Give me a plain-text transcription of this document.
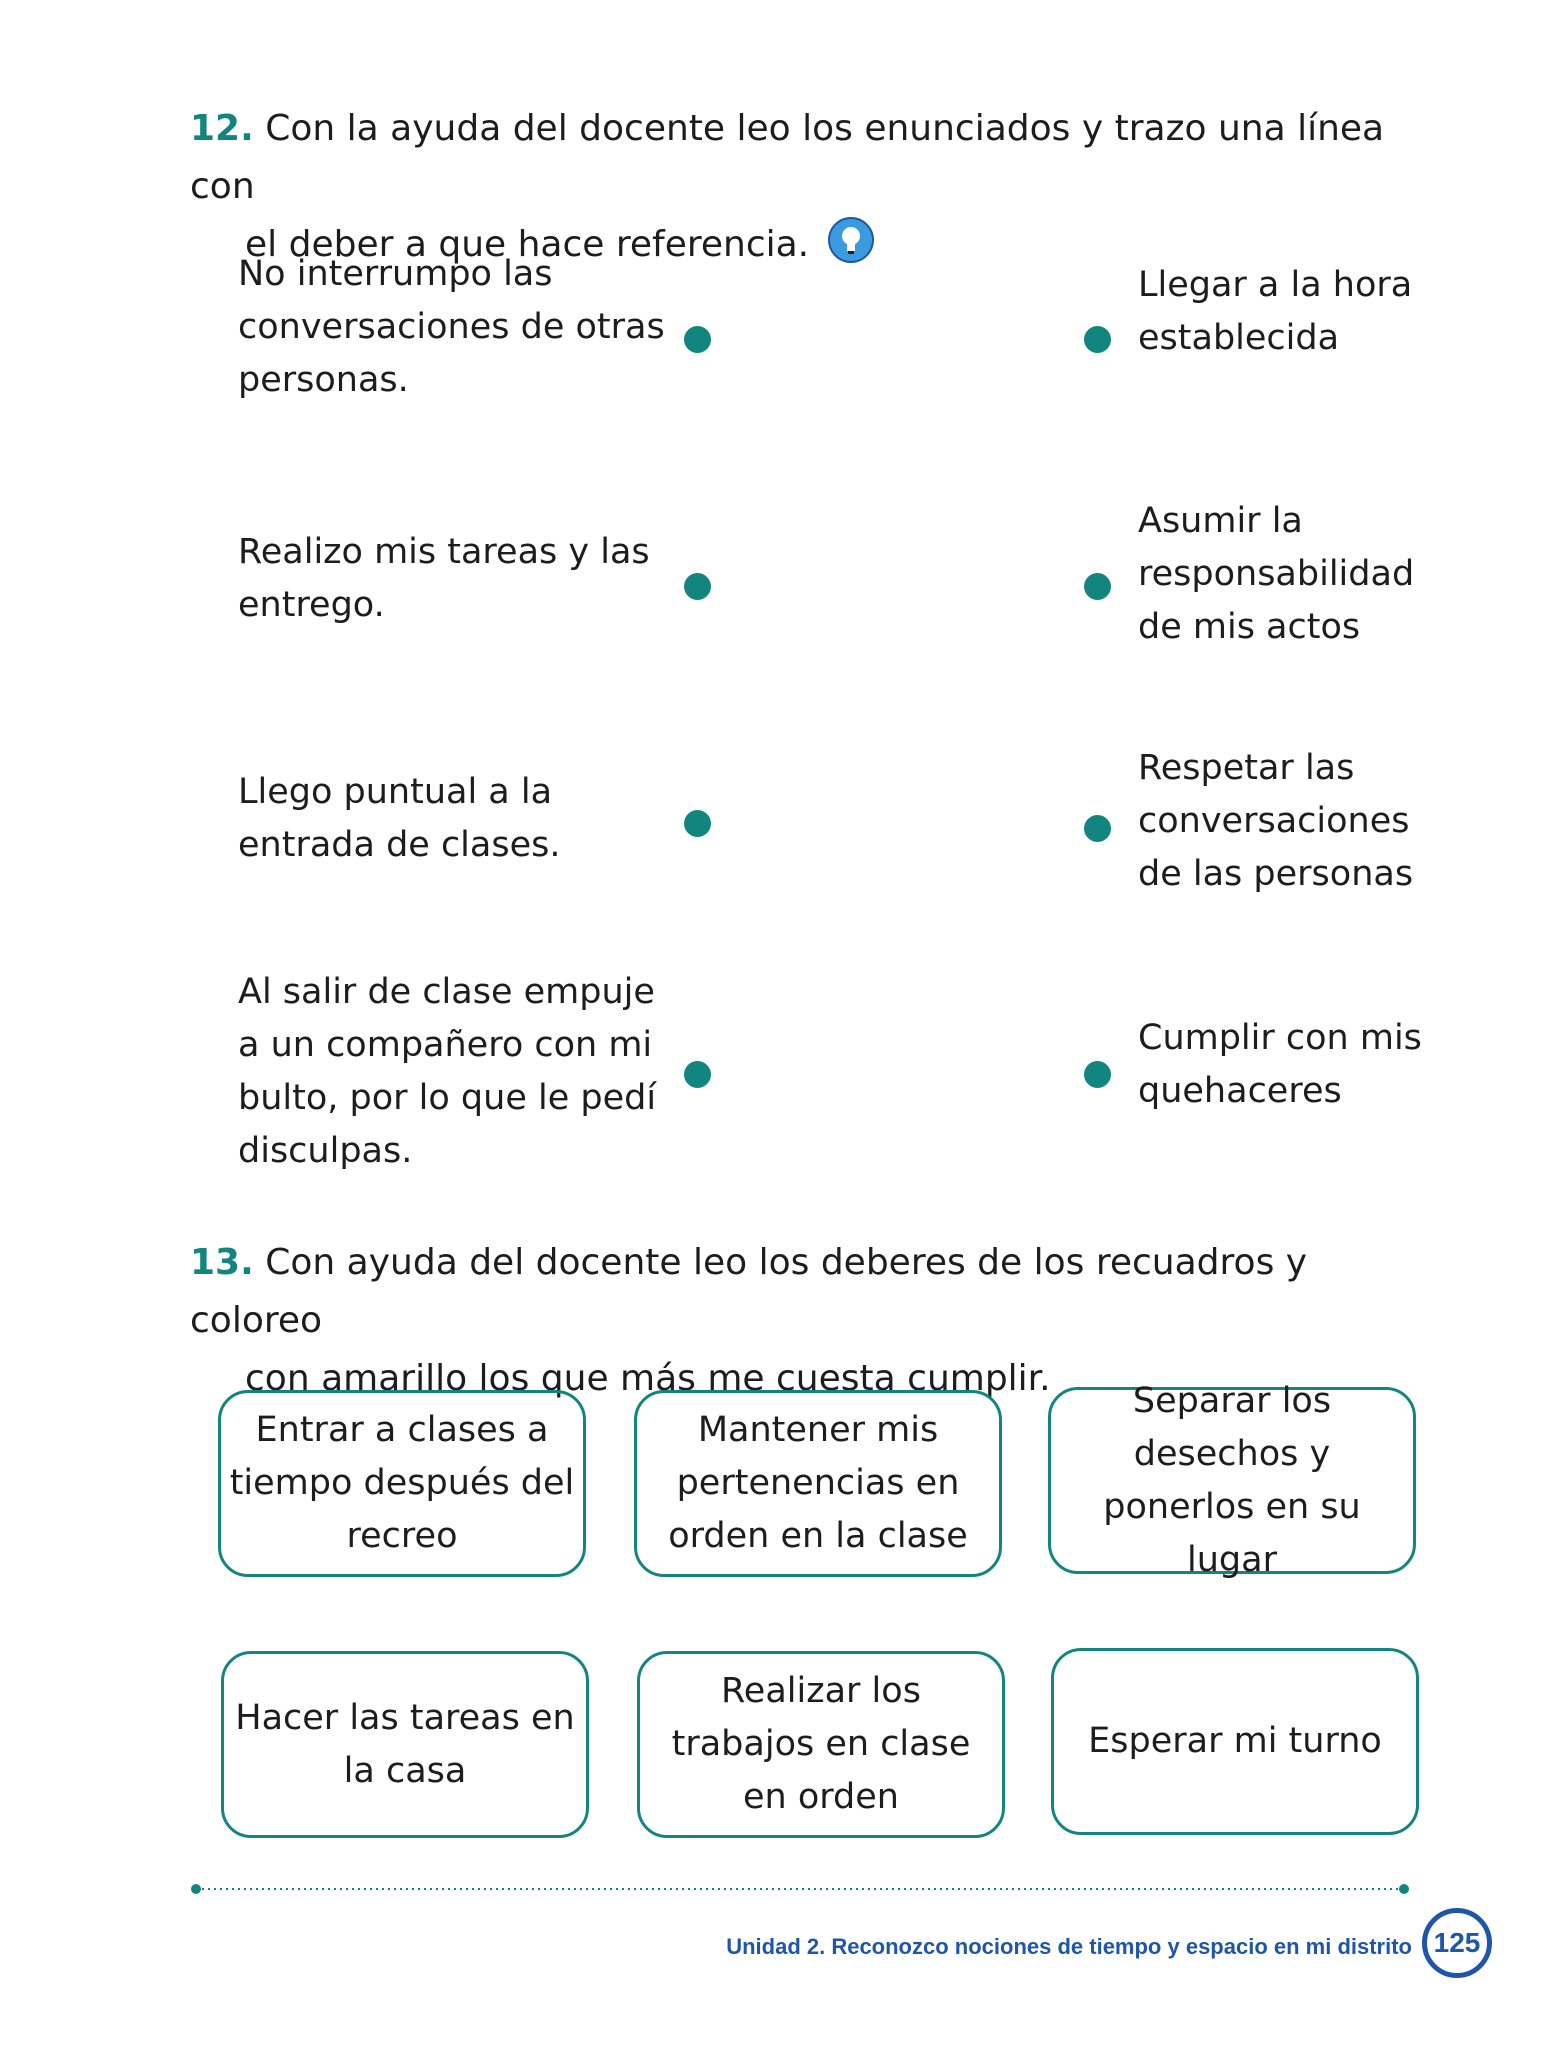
12. Con la ayuda del docente leo los enunciados y trazo una línea con
el deber a que hace referencia.
No interrumpo las conversaciones de otras personas.
Realizo mis tareas y las entrego.
Llego puntual a la entrada de clases.
Al salir de clase empuje a un compañero con mi bulto, por lo que le pedí disculpas.
Llegar a la hora establecida
Asumir la responsabilidad de mis actos
Respetar las conversaciones de las personas
Cumplir con mis quehaceres
13. Con ayuda del docente leo los deberes de los recuadros y coloreo
con amarillo los que más me cuesta cumplir.
Entrar a clases a tiempo después del recreo
Mantener mis pertenencias en orden en la clase
Separar los desechos y ponerlos en su lugar
Hacer las tareas en la casa
Realizar los trabajos en clase en orden
Esperar mi turno
Unidad 2. Reconozco nociones de tiempo y espacio en mi distrito 125
